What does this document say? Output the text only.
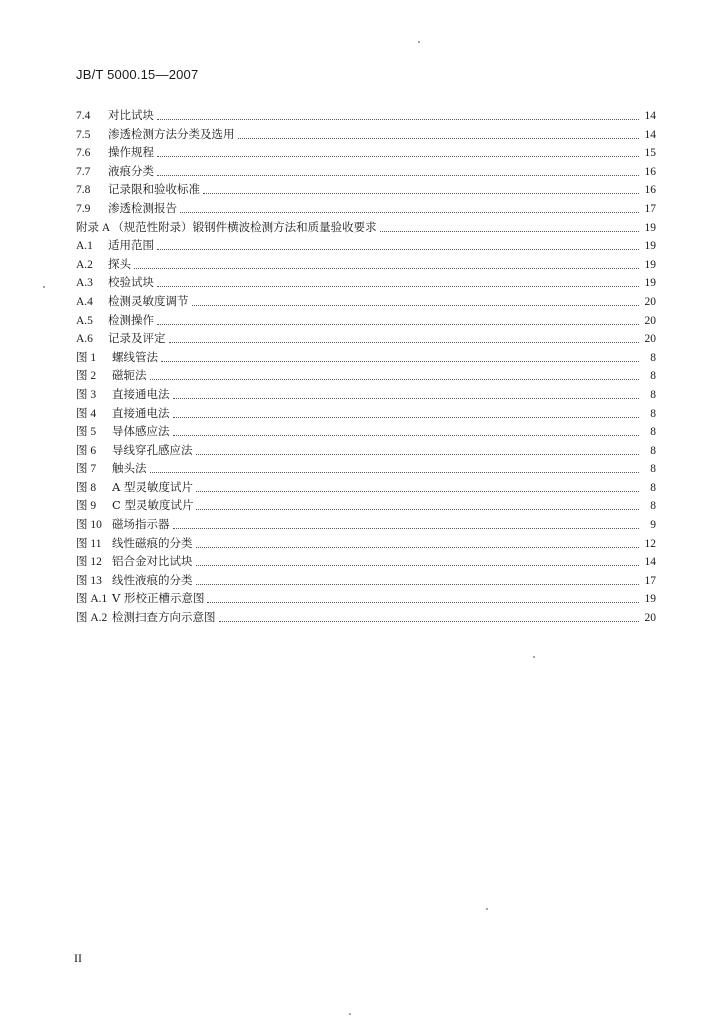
JB/T 5000.15—2007
7.4	对比试块	14
7.5	渗透检测方法分类及选用	14
7.6	操作规程	15
7.7	液痕分类	16
7.8	记录限和验收标准	16
7.9	渗透检测报告	17
附录 A （规范性附录）锻钢件横波检测方法和质量验收要求	19
A.1	适用范围	19
A.2	探头	19
A.3	校验试块	19
A.4	检测灵敏度调节	20
A.5	检测操作	20
A.6	记录及评定	20
图 1	螺线管法	8
图 2	磁轭法	8
图 3	直接通电法	8
图 4	直接通电法	8
图 5	导体感应法	8
图 6	导线穿孔感应法	8
图 7	触头法	8
图 8	A 型灵敏度试片	8
图 9	C 型灵敏度试片	8
图 10 磁场指示器	9
图 11 线性磁痕的分类	12
图 12 铝合金对比试块	14
图 13 线性液痕的分类	17
图 A.1 V 形校正槽示意图	19
图 A.2 检测扫查方向示意图	20
II
